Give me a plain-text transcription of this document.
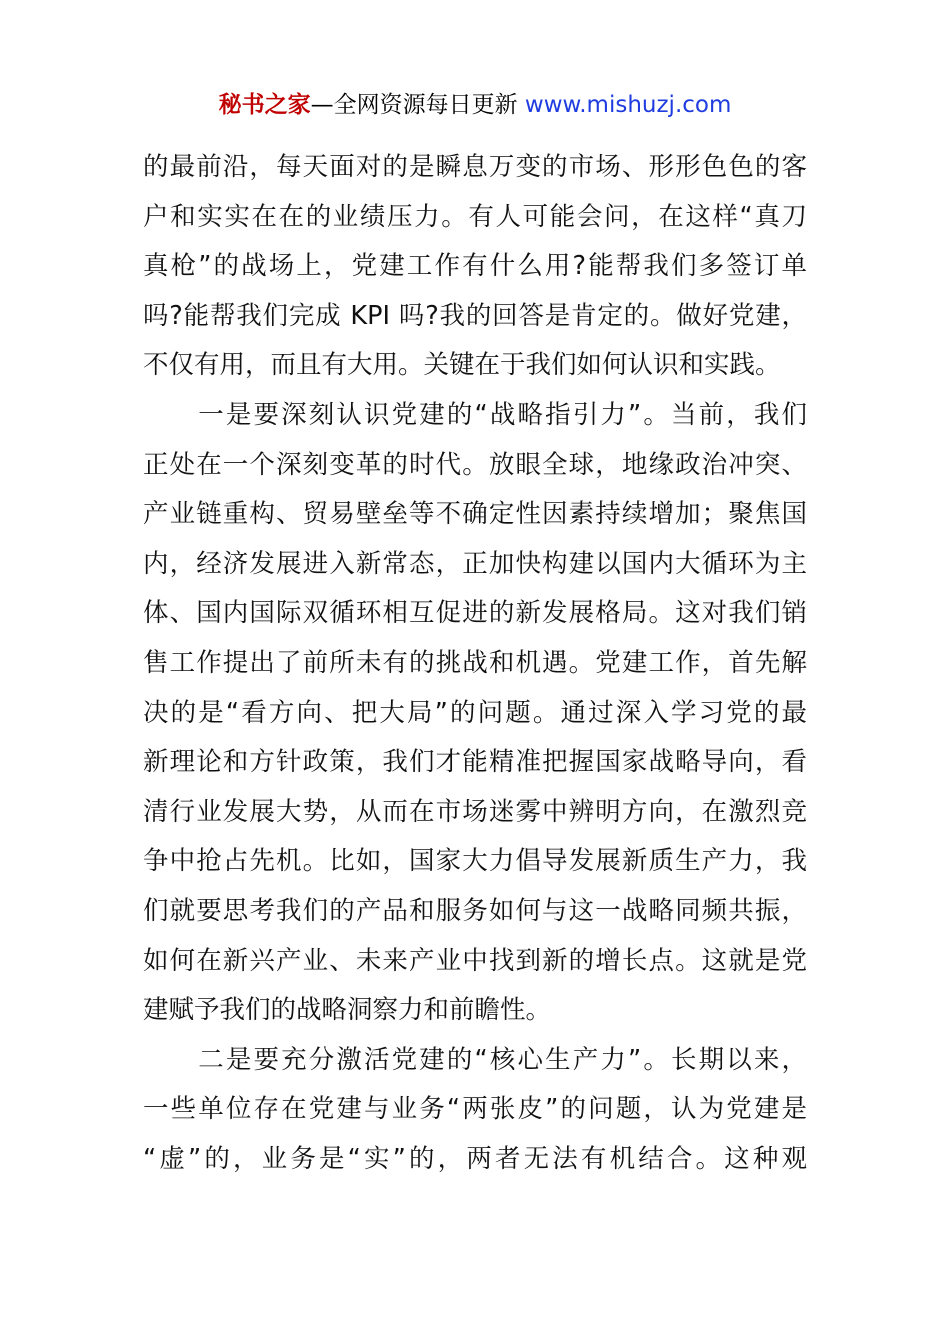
秘书之家—全网资源每日更新 www.mishuzj.com

的最前沿，每天面对的是瞬息万变的市场、形形色色的客
户和实实在在的业绩压力。有人可能会问，在这样“真刀
真枪”的战场上，党建工作有什么用?能帮我们多签订单
吗?能帮我们完成 KPI 吗?我的回答是肯定的。做好党建，
不仅有用，而且有大用。关键在于我们如何认识和实践。

　　一是要深刻认识党建的“战略指引力”。当前，我们
正处在一个深刻变革的时代。放眼全球，地缘政治冲突、
产业链重构、贸易壁垒等不确定性因素持续增加；聚焦国
内，经济发展进入新常态，正加快构建以国内大循环为主
体、国内国际双循环相互促进的新发展格局。这对我们销
售工作提出了前所未有的挑战和机遇。党建工作，首先解
决的是“看方向、把大局”的问题。通过深入学习党的最
新理论和方针政策，我们才能精准把握国家战略导向，看
清行业发展大势，从而在市场迷雾中辨明方向，在激烈竞
争中抢占先机。比如，国家大力倡导发展新质生产力，我
们就要思考我们的产品和服务如何与这一战略同频共振，
如何在新兴产业、未来产业中找到新的增长点。这就是党
建赋予我们的战略洞察力和前瞻性。

　　二是要充分激活党建的“核心生产力”。长期以来，
一些单位存在党建与业务“两张皮”的问题，认为党建是
“虚”的，业务是“实”的，两者无法有机结合。这种观
